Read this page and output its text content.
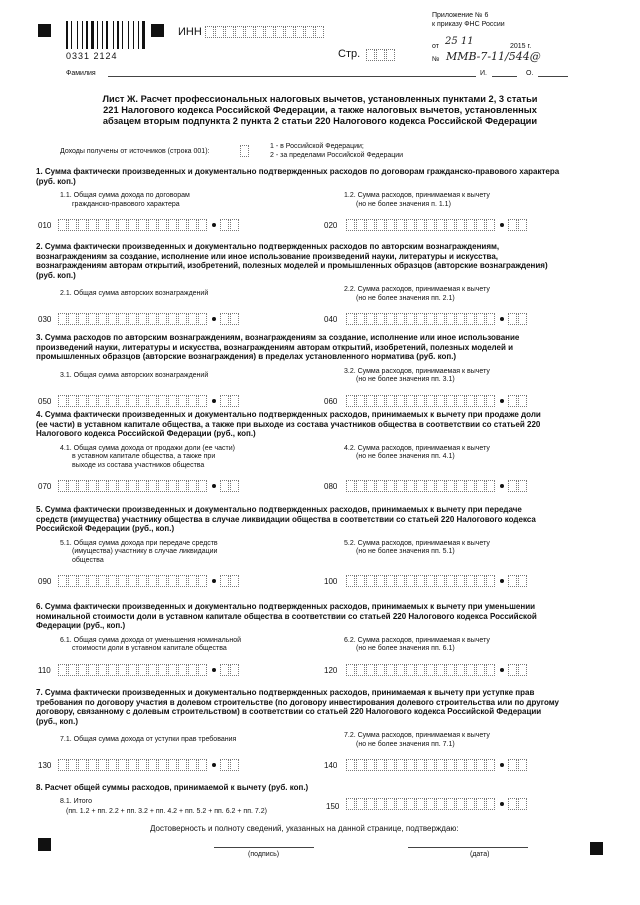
0331 2124
ИНН
Стр.
Приложение № 6
к приказу ФНС России
от 25 11	2015 г.
№ ММВ-7-11/544@
Фамилия	И.	О.
Лист Ж. Расчет профессиональных налоговых вычетов, установленных пунктами 2, 3 статьи
221 Налогового кодекса Российской Федерации, а также налоговых вычетов, установленных
абзацем вторым подпункта 2 пункта 2 статьи 220 Налогового кодекса Российской Федерации
Доходы получены от источников (строка 001):
1 - в Российской Федерации;
2 - за пределами Российской Федерации
1. Сумма фактически произведенных и документально подтвержденных расходов по договорам гражданско-правового характера
(руб. коп.)
1.1. Общая сумма дохода по договорам
гражданско-правового характера
1.2. Сумма расходов, принимаемая к вычету
(но не более значения п. 1.1)
010	020
2. Сумма фактически произведенных и документально подтвержденных расходов по авторским вознаграждениям,
вознаграждениям за создание, исполнение или иное использование произведений науки, литературы и искусства,
вознаграждениям авторам открытий, изобретений, полезных моделей и промышленных образцов (авторские вознаграждения)
(руб. коп.)
2.1. Общая сумма авторских вознаграждений
2.2. Сумма расходов, принимаемая к вычету
(но не более значения пп. 2.1)
030	040
3. Сумма расходов по авторским вознаграждениям, вознаграждениям за создание, исполнение или иное использование
произведений науки, литературы и искусства, вознаграждениям авторам открытий, изобретений, полезных моделей и
промышленных образцов (авторские вознаграждения) в пределах установленного норматива (руб. коп.)
3.1. Общая сумма авторских вознаграждений
3.2. Сумма расходов, принимаемая к вычету
(но не более значения пп. 3.1)
050	060
4. Сумма фактически произведенных и документально подтвержденных расходов, принимаемых к вычету при продаже доли
(ее части) в уставном капитале общества, а также при выходе из состава участников общества в соответствии со статьей 220
Налогового кодекса Российской Федерации (руб., коп.)
4.1. Общая сумма дохода от продажи доли (ее части)
в уставном капитале общества, а также при
выходе из состава участников общества
4.2. Сумма расходов, принимаемая к вычету
(но не более значения пп. 4.1)
070	080
5. Сумма фактически произведенных и документально подтвержденных расходов, принимаемых к вычету при передаче
средств (имущества) участнику общества в случае ликвидации общества в соответствии со статьей 220 Налогового кодекса
Российской Федерации (руб., коп.)
5.1. Общая сумма дохода при передаче средств
(имущества) участнику в случае ликвидации
общества
5.2. Сумма расходов, принимаемая к вычету
(но не более значения пп. 5.1)
090	100
6. Сумма фактически произведенных и документально подтвержденных расходов, принимаемых к вычету при уменьшении
номинальной стоимости доли в уставном капитале общества в соответствии со статьей 220 Налогового кодекса Российской
Федерации (руб., коп.)
6.1. Общая сумма дохода от уменьшения номинальной
стоимости доли в уставном капитале общества
6.2. Сумма расходов, принимаемая к вычету
(но не более значения пп. 6.1)
110	120
7. Сумма фактически произведенных и документально подтвержденных расходов, принимаемая к вычету при уступке прав
требования по договору участия в долевом строительстве (по договору инвестирования долевого строительства или по другому
договору, связанному с долевым строительством) в соответствии со статьей 220 Налогового кодекса Российской Федерации
(руб., коп.)
7.1. Общая сумма дохода от уступки прав требования
7.2. Сумма расходов, принимаемая к вычету
(но не более значения пп. 7.1)
130	140
8. Расчет общей суммы расходов, принимаемой к вычету (руб. коп.)
8.1. Итого
(пп. 1.2 + пп. 2.2 + пп. 3.2 + пп. 4.2 + пп. 5.2 + пп. 6.2 + пп. 7.2)
150
Достоверность и полноту сведений, указанных на данной странице, подтверждаю:
(подпись)	(дата)
